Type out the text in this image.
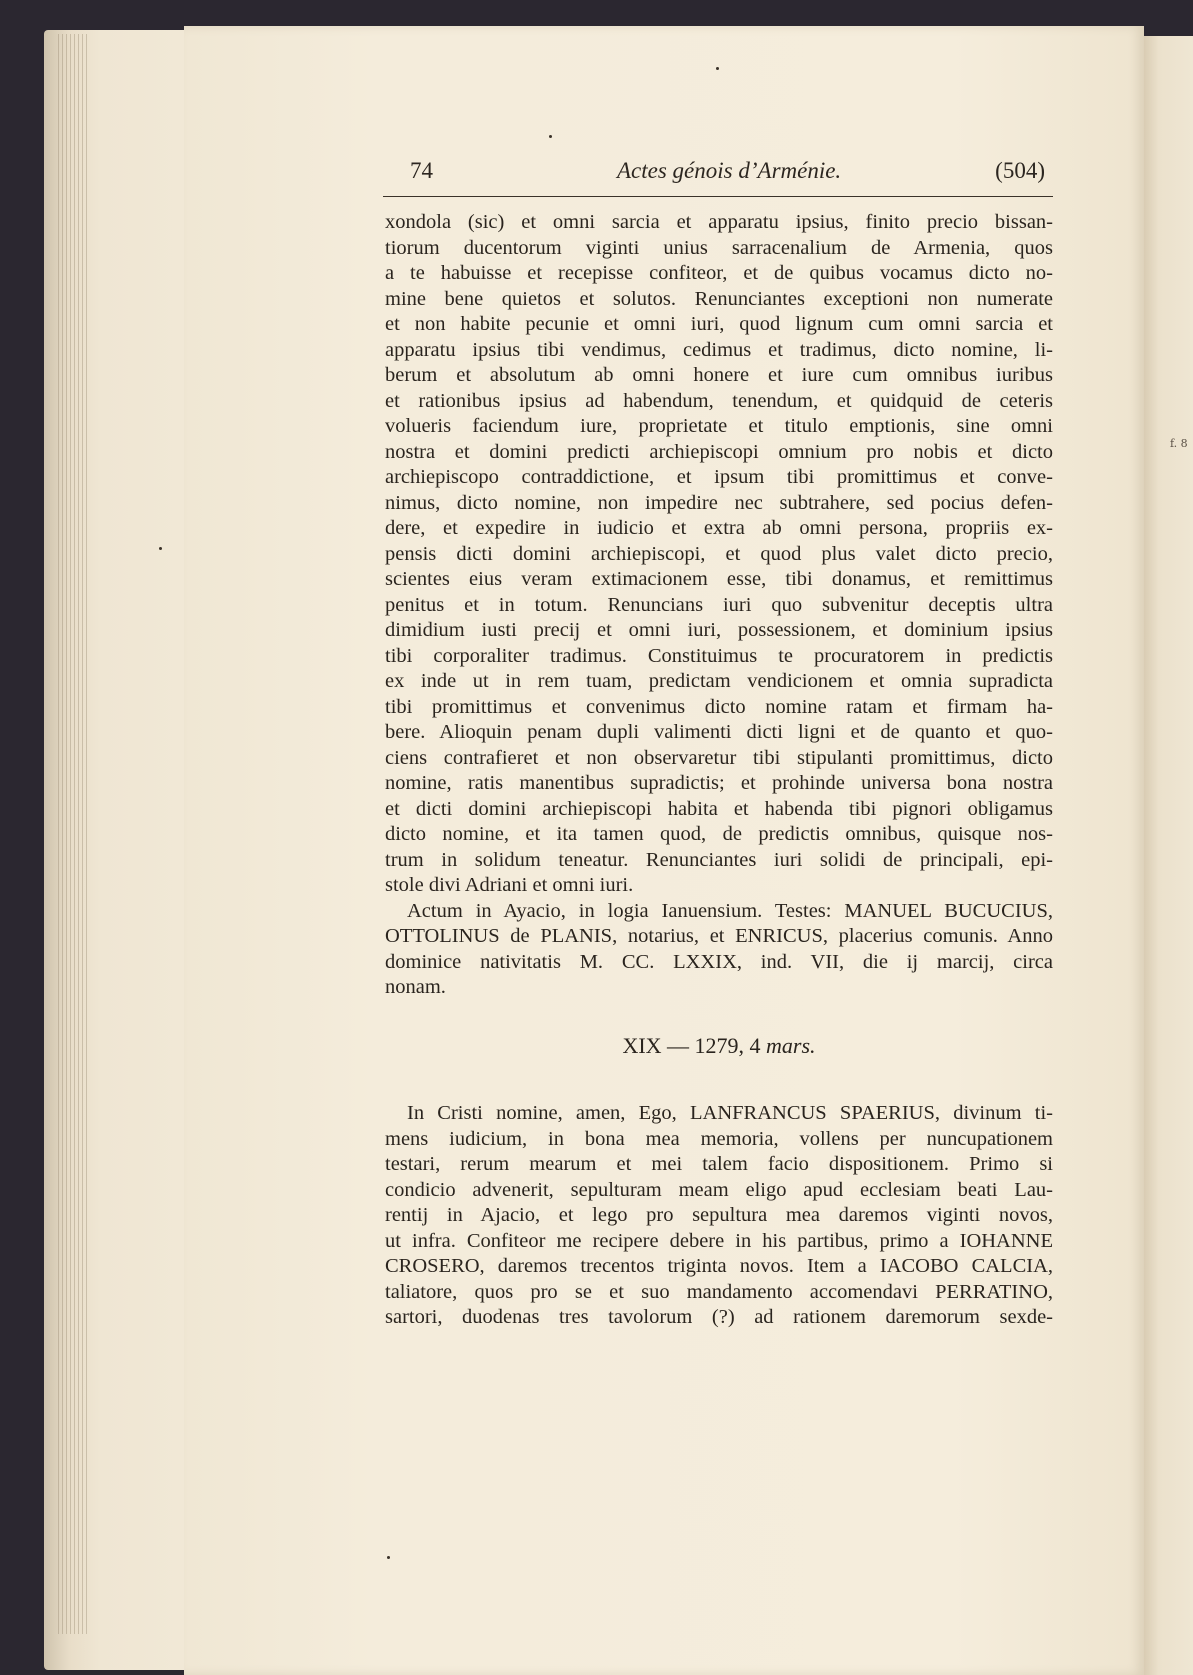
f. 8
74	Actes génois d’Arménie.	(504)
xondola (sic) et omni sarcia et apparatu ipsius, finito precio bissan-
tiorum ducentorum viginti unius sarracenalium de Armenia, quos
a te habuisse et recepisse confiteor, et de quibus vocamus dicto no-
mine bene quietos et solutos. Renunciantes exceptioni non numerate
et non habite pecunie et omni iuri, quod lignum cum omni sarcia et
apparatu ipsius tibi vendimus, cedimus et tradimus, dicto nomine, li-
berum et absolutum ab omni honere et iure cum omnibus iuribus
et rationibus ipsius ad habendum, tenendum, et quidquid de ceteris
volueris faciendum iure, proprietate et titulo emptionis, sine omni
nostra et domini predicti archiepiscopi omnium pro nobis et dicto
archiepiscopo contraddictione, et ipsum tibi promittimus et conve-
nimus, dicto nomine, non impedire nec subtrahere, sed pocius defen-
dere, et expedire in iudicio et extra ab omni persona, propriis ex-
pensis dicti domini archiepiscopi, et quod plus valet dicto precio,
scientes eius veram extimacionem esse, tibi donamus, et remittimus
penitus et in totum. Renuncians iuri quo subvenitur deceptis ultra
dimidium iusti precij et omni iuri, possessionem, et dominium ipsius
tibi corporaliter tradimus. Constituimus te procuratorem in predictis
ex inde ut in rem tuam, predictam vendicionem et omnia supradicta
tibi promittimus et convenimus dicto nomine ratam et firmam ha-
bere. Alioquin penam dupli valimenti dicti ligni et de quanto et quo-
ciens contrafieret et non observaretur tibi stipulanti promittimus, dicto
nomine, ratis manentibus supradictis; et prohinde universa bona nostra
et dicti domini archiepiscopi habita et habenda tibi pignori obligamus
dicto nomine, et ita tamen quod, de predictis omnibus, quisque nos-
trum in solidum teneatur. Renunciantes iuri solidi de principali, epi-
stole divi Adriani et omni iuri.
Actum in Ayacio, in logia Ianuensium. Testes: MANUEL BUCUCIUS,
OTTOLINUS de PLANIS, notarius, et ENRICUS, placerius comunis. Anno
dominice nativitatis M. CC. LXXIX, ind. VII, die ij marcij, circa
nonam.
XIX — 1279, 4 mars.
In Cristi nomine, amen, Ego, LANFRANCUS SPAERIUS, divinum ti-
mens iudicium, in bona mea memoria, vollens per nuncupationem
testari, rerum mearum et mei talem facio dispositionem. Primo si
condicio advenerit, sepulturam meam eligo apud ecclesiam beati Lau-
rentij in Ajacio, et lego pro sepultura mea daremos viginti novos,
ut infra. Confiteor me recipere debere in his partibus, primo a IOHANNE
CROSERO, daremos trecentos triginta novos. Item a IACOBO CALCIA,
taliatore, quos pro se et suo mandamento accomendavi PERRATINO,
sartori, duodenas tres tavolorum (?) ad rationem daremorum sexde-
